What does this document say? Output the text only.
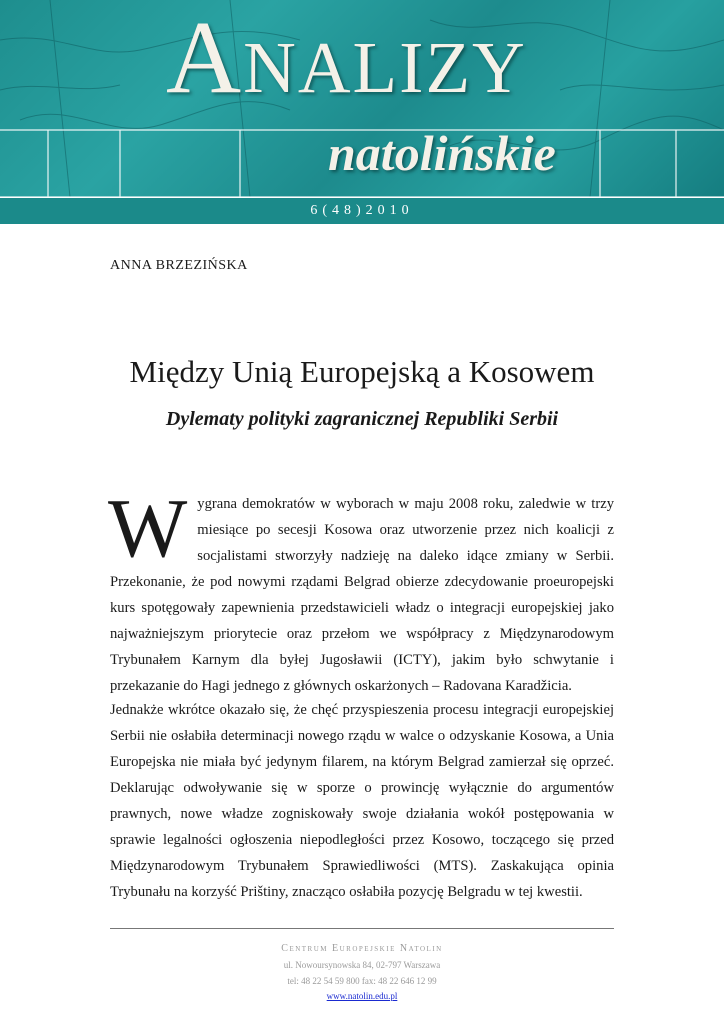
Analizy
natolińskie
6(48)2010
ANNA BRZEZIŃSKA
Między Unią Europejską a Kosowem
Dylematy polityki zagranicznej Republiki Serbii
W ygrana demokratów w wyborach w maju 2008 roku, zaledwie w trzy miesiące po secesji Kosowa oraz utworzenie przez nich koalicji z socjalistami stworzyły nadzieję na daleko idące zmiany w Serbii. Przekonanie, że pod nowymi rządami Belgrad obierze zdecydowanie proeuropejski kurs spotęgowały zapewnienia przedstawicieli władz o integracji europejskiej jako najważniejszym priorytecie oraz przełom we współpracy z Międzynarodowym Trybunałem Karnym dla byłej Jugosławii (ICTY), jakim było schwytanie i przekazanie do Hagi jednego z głównych oskarżonych – Radovana Karadžicia.
Jednakże wkrótce okazało się, że chęć przyspieszenia procesu integracji europejskiej Serbii nie osłabiła determinacji nowego rządu w walce o odzyskanie Kosowa, a Unia Europejska nie miała być jedynym filarem, na którym Belgrad zamierzał się oprzeć. Deklarując odwoływanie się w sporze o prowincję wyłącznie do argumentów prawnych, nowe władze zogniskowały swoje działania wokół postępowania w sprawie legalności ogłoszenia niepodległości przez Kosowo, toczącego się przed Międzynarodowym Trybunałem Sprawiedliwości (MTS). Zaskakująca opinia Trybunału na korzyść Prištiny, znacząco osłabiła pozycję Belgradu w tej kwestii.
Centrum Europejskie Natolin
ul. Nowoursynowska 84, 02-797 Warszawa
tel: 48 22 54 59 800 fax: 48 22 646 12 99
www.natolin.edu.pl
